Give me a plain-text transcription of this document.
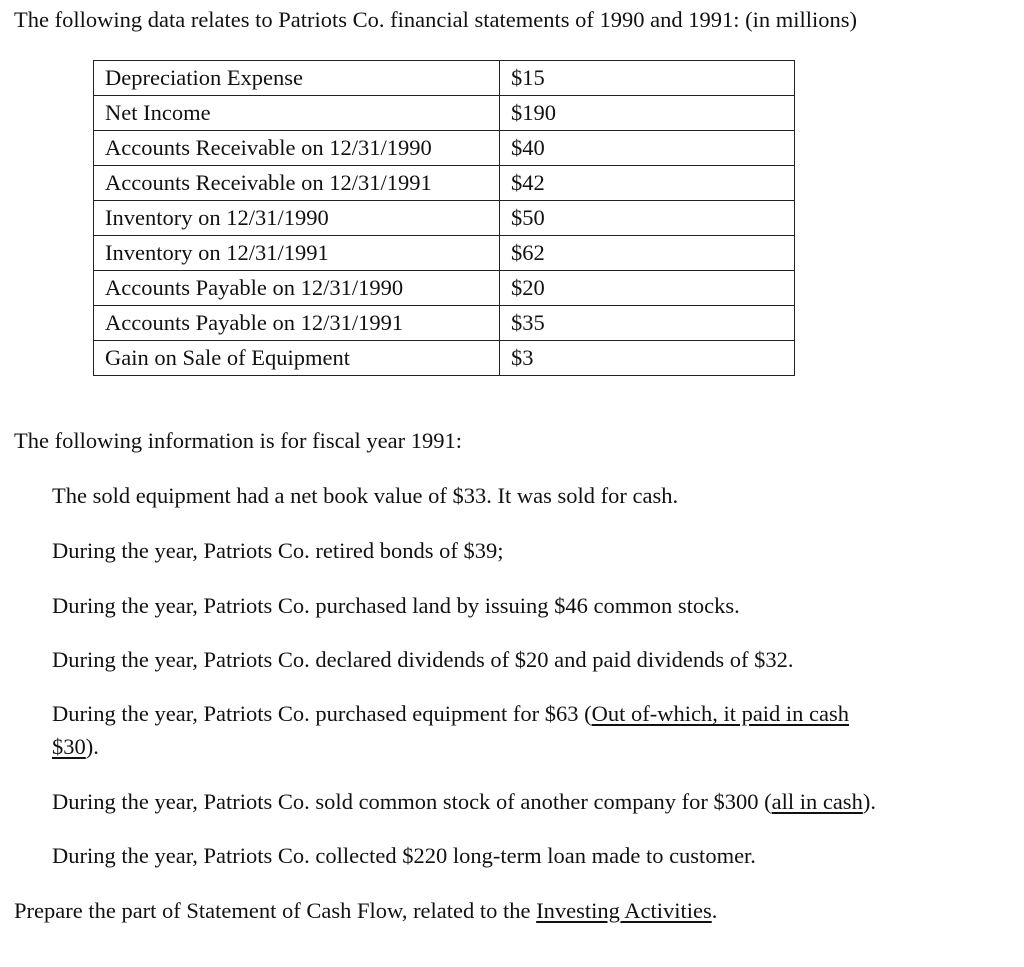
The following data relates to Patriots Co. financial statements of 1990 and 1991: (in millions)
Depreciation Expense	$15
Net Income	$190
Accounts Receivable on 12/31/1990	$40
Accounts Receivable on 12/31/1991	$42
Inventory on 12/31/1990	$50
Inventory on 12/31/1991	$62
Accounts Payable on 12/31/1990	$20
Accounts Payable on 12/31/1991	$35
Gain on Sale of Equipment	$3
The following information is for fiscal year 1991:
The sold equipment had a net book value of $33. It was sold for cash.
During the year, Patriots Co. retired bonds of $39;
During the year, Patriots Co. purchased land by issuing $46 common stocks.
During the year, Patriots Co. declared dividends of $20 and paid dividends of $32.
During the year, Patriots Co. purchased equipment for $63 (Out of-which, it paid in cash
$30).
During the year, Patriots Co. sold common stock of another company for $300 (all in cash).
During the year, Patriots Co. collected $220 long-term loan made to customer.
Prepare the part of Statement of Cash Flow, related to the Investing Activities.
